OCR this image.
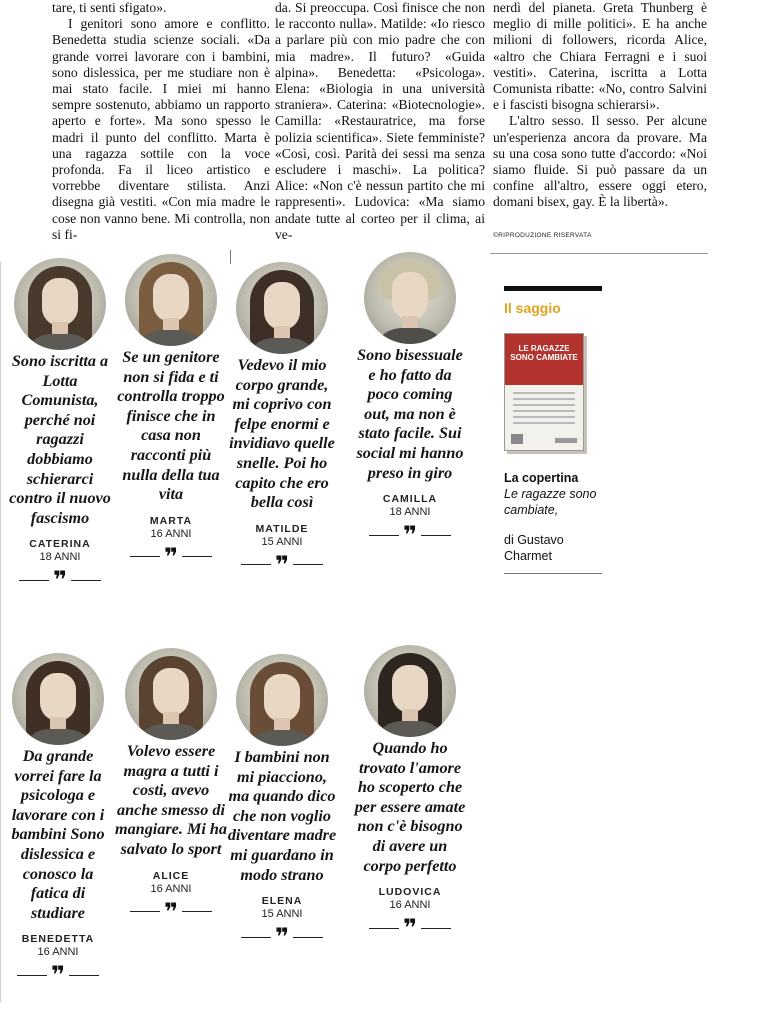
tare, ti senti sfigato».

I genitori sono amore e conflitto. Benedetta studia scienze sociali. «Da grande vorrei lavorare con i bambini, sono dislessica, per me studiare non è mai stato facile. I miei mi hanno sempre sostenuto, abbiamo un rapporto aperto e forte». Ma sono spesso le madri il punto del conflitto. Marta è una ragazza sottile con la voce profonda. Fa il liceo artistico e vorrebbe diventare stilista. Anzi disegna già vestiti. «Con mia madre le cose non vanno bene. Mi controlla, non si fi-

da. Si preoccupa. Così finisce che non le racconto nulla». Matilde: «Io riesco a parlare più con mio padre che con mia madre». Il futuro? «Guida alpina». Benedetta: «Psicologa». Elena: «Biologia in una università straniera». Caterina: «Biotecnologie». Camilla: «Restauratrice, ma forse polizia scientifica». Siete femministe? «Così, così. Parità dei sessi ma senza escludere i maschi». La politica? Alice: «Non c'è nessun partito che mi rappresenti». Ludovica: «Ma siamo andate tutte al corteo per il clima, ai ve-

nerdì del pianeta. Greta Thunberg è meglio di mille politici». E ha anche milioni di followers, ricorda Alice, «altro che Chiara Ferragni e i suoi vestiti». Caterina, iscritta a Lotta Comunista ribatte: «No, contro Salvini e i fascisti bisogna schierarsi».

L'altro sesso. Il sesso. Per alcune un'esperienza ancora da provare. Ma su una cosa sono tutte d'accordo: «Noi siamo fluide. Si può passare da un confine all'altro, essere oggi etero, domani bisex, gay. È la libertà».

©RIPRODUZIONE RISERVATA
Sono iscritta a Lotta Comunista, perché noi ragazzi dobbiamo schierarci contro il nuovo fascismo
CATERINA
18 ANNI
❞
Se un genitore non si fida e ti controlla troppo finisce che in casa non racconti più nulla della tua vita
MARTA
16 ANNI
❞
Vedevo il mio corpo grande, mi coprivo con felpe enormi e invidiavo quelle snelle. Poi ho capito che ero bella così
MATILDE
15 ANNI
❞
Sono bisessuale e ho fatto da poco coming out, ma non è stato facile. Sui social mi hanno preso in giro
CAMILLA
18 ANNI
❞
Da grande vorrei fare la psicologa e lavorare con i bambini Sono dislessica e conosco la fatica di studiare
BENEDETTA
16 ANNI
❞
Volevo essere magra a tutti i costi, avevo anche smesso di mangiare. Mi ha salvato lo sport
ALICE
16 ANNI
❞
I bambini non mi piacciono, ma quando dico che non voglio diventare madre mi guardano in modo strano
ELENA
15 ANNI
❞
Quando ho trovato l'amore ho scoperto che per essere amate non c'è bisogno di avere un corpo perfetto
LUDOVICA
16 ANNI
❞
Il saggio
LE RAGAZZE SONO CAMBIATE
La copertina
Le ragazze sono cambiate,
di Gustavo Charmet
